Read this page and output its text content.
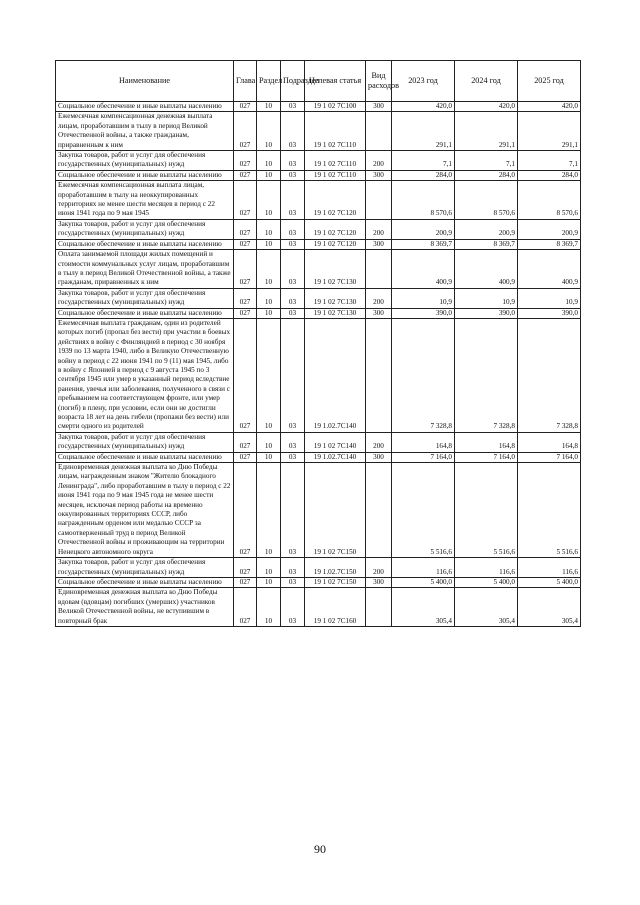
Наименование	Глава	Раздел	Подраздел	Целевая статья	Вид расходов	2023 год	2024 год	2025 год
Социальное обеспечение и иные выплаты населению	027	10	03	19 1 02 7С100	300	420,0	420,0	420,0
Ежемесячная компенсационная денежная выплата лицам, проработавшим в тылу в период Великой Отечественной войны, а также гражданам, приравненным к ним	027	10	03	19 1 02 7С110		291,1	291,1	291,1
Закупка товаров, работ и услуг для обеспечения государственных (муниципальных) нужд	027	10	03	19 1 02 7С110	200	7,1	7,1	7,1
Социальное обеспечение и иные выплаты населению	027	10	03	19 1 02 7С110	300	284,0	284,0	284,0
Ежемесячная компенсационная выплата лицам, проработавшим в тылу на неоккупированных территориях не менее шести месяцев в период с 22 июня 1941 года по 9 мая 1945	027	10	03	19 1 02 7С120		8 570,6	8 570,6	8 570,6
Закупка товаров, работ и услуг для обеспечения государственных (муниципальных) нужд	027	10	03	19 1 02 7С120	200	200,9	200,9	200,9
Социальное обеспечение и иные выплаты населению	027	10	03	19 1 02 7С120	300	8 369,7	8 369,7	8 369,7
Оплата занимаемой площади жилых помещений и стоимости коммунальных услуг лицам, проработавшим в тылу в период Великой Отечественной войны, а также гражданам, приравненных к ним	027	10	03	19 1 02 7С130		400,9	400,9	400,9
Закупка товаров, работ и услуг для обеспечения государственных (муниципальных) нужд	027	10	03	19 1 02 7С130	200	10,9	10,9	10,9
Социальное обеспечение и иные выплаты населению	027	10	03	19 1 02 7С130	300	390,0	390,0	390,0
Ежемесячная выплата гражданам, один из родителей которых погиб (пропал без вести) при участии в боевых действиях в войну с Финляндией в период с 30 ноября 1939 по 13 марта 1940, либо в Великую Отечественную войну в период с 22 июня 1941 по 9 (11) мая 1945, либо в войну с Японией в период с 9 августа 1945 по 3 сентября 1945 или умер в указанный период вследствие ранения, увечья или заболевания, полученного в связи с пребыванием на соответствующем фронте, или умер (погиб) в плену, при условии, если они не достигли возраста 18 лет на день гибели (пропажи без вести) или смерти одного из родителей	027	10	03	19 1.02.7С140		7 328,8	7 328,8	7 328,8
Закупка товаров, работ и услуг для обеспечения государственных (муниципальных) нужд	027	10	03	19 1 02 7С140	200	164,8	164,8	164,8
Социальное обеспечение и иные выплаты населению	027	10	03	19 1.02.7С140	300	7 164,0	7 164,0	7 164,0
Единовременная денежная выплата ко Дню Победы лицам, награжденным знаком "Жителю блокадного Ленинграда", либо проработавшим в тылу в период с 22 июня 1941 года по 9 мая 1945 года не менее шести месяцев, исключая период работы на временно оккупированных территориях СССР, либо награжденным орденом или медалью СССР за самоотверженный труд в период Великой Отечественной войны и проживающим на территории Ненецкого автономного округа	027	10	03	19 1 02 7С150		5 516,6	5 516,6	5 516,6
Закупка товаров, работ и услуг для обеспечения государственных (муниципальных) нужд	027	10	03	19 1.02.7С150	200	116,6	116,6	116,6
Социальное обеспечение и иные выплаты населению	027	10	03	19 1 02 7С150	300	5 400,0	5 400,0	5 400,0
Единовременная денежная выплата ко Дню Победы вдовам (вдовцам) погибших (умерших) участников Великой Отечественной войны, не вступившим в повторный брак	027	10	03	19 1 02 7С160		305,4	305,4	305,4
90
